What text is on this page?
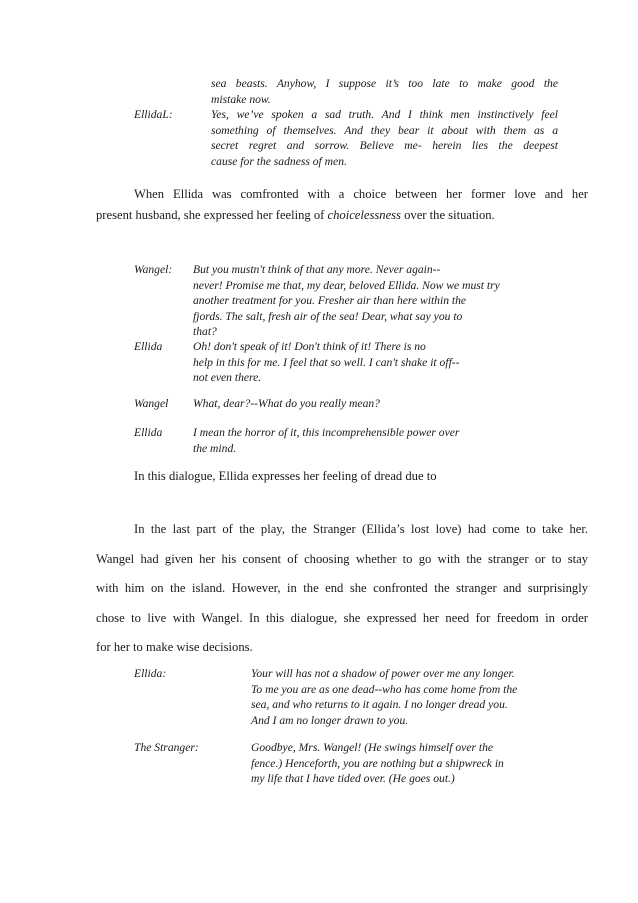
sea beasts. Anyhow, I suppose it’s too late to make good the
mistake now.
EllidaL:	Yes, we’ve spoken a sad truth. And I think men instinctively feel
something of themselves. And they bear it about with them as a
secret regret and sorrow. Believe me- herein lies the deepest
cause for the sadness of men.
When Ellida was comfronted with a choice between her former love and her
present husband, she expressed her feeling of choicelessness over the situation.
Wangel: But you mustn't think of that any more. Never again--
never! Promise me that, my dear, beloved Ellida. Now we must try
another treatment for you. Fresher air than here within the
fjords. The salt, fresh air of the sea! Dear, what say you to
that?
Ellida	Oh! don't speak of it! Don't think of it! There is no
help in this for me. I feel that so well. I can't shake it off--
not even there.
Wangel What, dear?--What do you really mean?
Ellida	I mean the horror of it, this incomprehensible power over
the mind.
In this dialogue, Ellida expresses her feeling of dread due to
In the last part of the play, the Stranger (Ellida’s lost love) had come to take her.
Wangel had given her his consent of choosing whether to go with the stranger or to stay
with him on the island. However, in the end she confronted the stranger and surprisingly
chose to live with Wangel. In this dialogue, she expressed her need for freedom in order
for her to make wise decisions.
Ellida:	Your will has not a shadow of power over me any longer.
To me you are as one dead--who has come home from the
sea, and who returns to it again. I no longer dread you.
And I am no longer drawn to you.
The Stranger:	Goodbye, Mrs. Wangel! (He swings himself over the
fence.) Henceforth, you are nothing but a shipwreck in
my life that I have tided over. (He goes out.)
